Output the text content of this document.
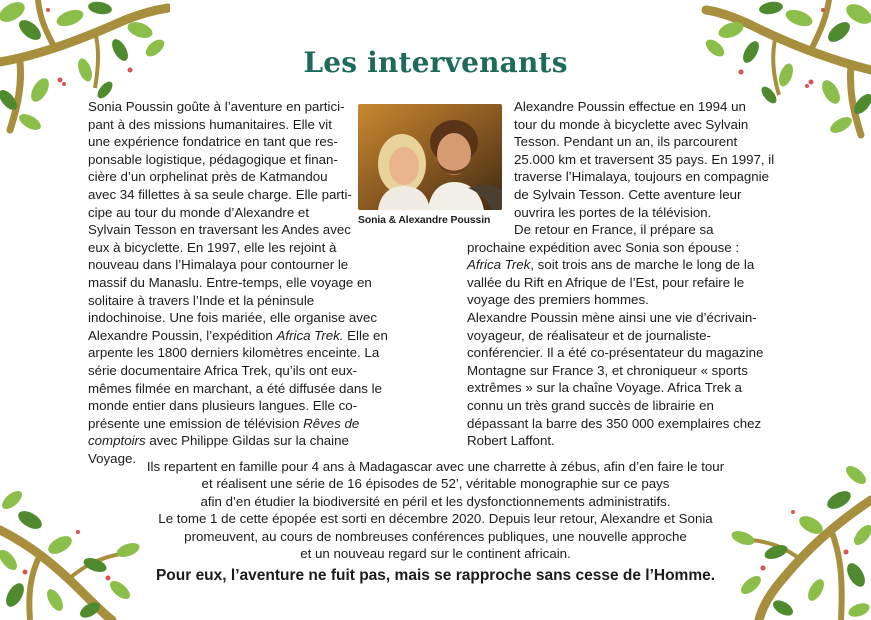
Les intervenants
Sonia & Alexandre Poussin
Sonia Poussin goûte à l’aventure en partici-
pant à des missions humanitaires. Elle vit
une expérience fondatrice en tant que res-
ponsable logistique, pédagogique et finan-
cière d’un orphelinat près de Katmandou
avec 34 fillettes à sa seule charge. Elle parti-
cipe au tour du monde d’Alexandre et
Sylvain Tesson en traversant les Andes avec
eux à bicyclette. En 1997, elle les rejoint à
nouveau dans l’Himalaya pour contourner le
massif du Manaslu. Entre-temps, elle voyage en
solitaire à travers l’Inde et la péninsule
indochinoise. Une fois mariée, elle organise avec
Alexandre Poussin, l’expédition Africa Trek. Elle en
arpente les 1800 derniers kilomètres enceinte. La
série documentaire Africa Trek, qu’ils ont eux-
mêmes filmée en marchant, a été diffusée dans le
monde entier dans plusieurs langues. Elle co-
présente une emission de télévision Rêves de
comptoirs avec Philippe Gildas sur la chaine
Voyage.
Alexandre Poussin effectue en 1994 un
tour du monde à bicyclette avec Sylvain
Tesson. Pendant un an, ils parcourent
25.000 km et traversent 35 pays. En 1997, il
traverse l’Himalaya, toujours en compagnie
de Sylvain Tesson. Cette aventure leur
ouvrira les portes de la télévision.
De retour en France, il prépare sa
prochaine expédition avec Sonia son épouse :
Africa Trek, soit trois ans de marche le long de la
vallée du Rift en Afrique de l’Est, pour refaire le
voyage des premiers hommes.
Alexandre Poussin mène ainsi une vie d’écrivain-
voyageur, de réalisateur et de journaliste-
conférencier. Il a été co-présentateur du magazine
Montagne sur France 3, et chroniqueur « sports
extrêmes » sur la chaîne Voyage. Africa Trek a
connu un très grand succès de librairie en
dépassant la barre des 350 000 exemplaires chez
Robert Laffont.
Ils repartent en famille pour 4 ans à Madagascar avec une charrette à zébus, afin d’en faire le tour
et réalisent une série de 16 épisodes de 52’, véritable monographie sur ce pays
afin d’en étudier la biodiversité en péril et les dysfonctionnements administratifs.
Le tome 1 de cette épopée est sorti en décembre 2020. Depuis leur retour, Alexandre et Sonia
promeuvent, au cours de nombreuses conférences publiques, une nouvelle approche
et un nouveau regard sur le continent africain.
Pour eux, l’aventure ne fuit pas, mais se rapproche sans cesse de l’Homme.
